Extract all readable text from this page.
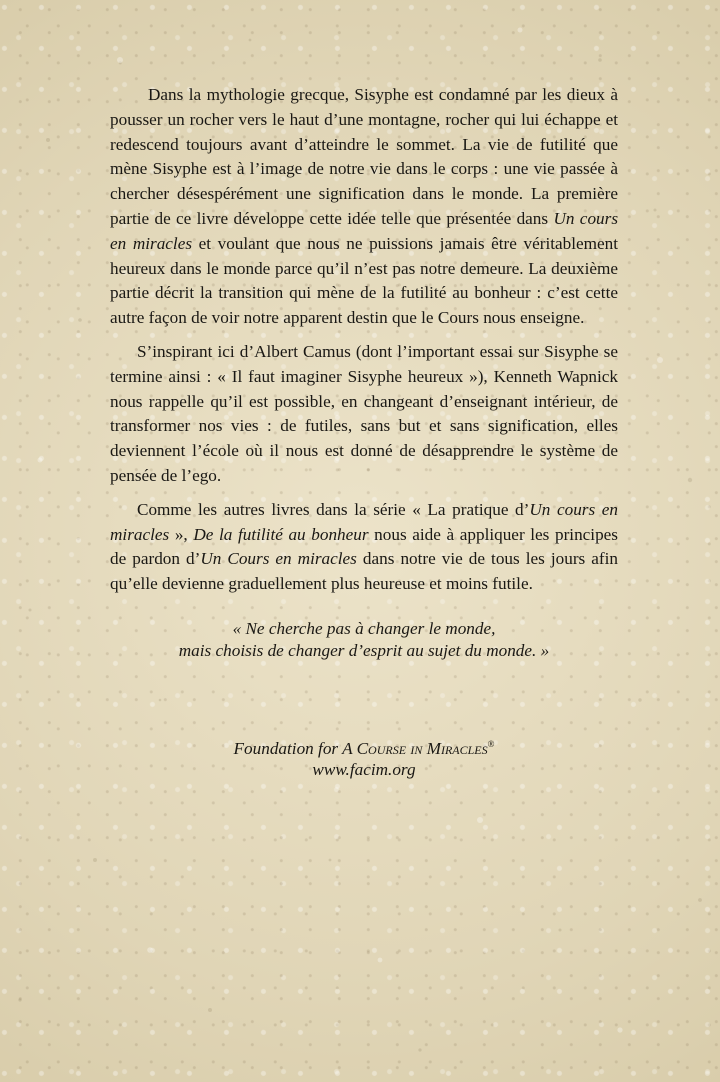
Dans la mythologie grecque, Sisyphe est condamné par les dieux à pousser un rocher vers le haut d’une montagne, rocher qui lui échappe et redescend toujours avant d’atteindre le sommet. La vie de futilité que mène Sisyphe est à l’image de notre vie dans le corps : une vie passée à chercher désespérément une signification dans le monde. La première partie de ce livre développe cette idée telle que présentée dans Un cours en miracles et voulant que nous ne puissions jamais être véritablement heureux dans le monde parce qu’il n’est pas notre demeure. La deuxième partie décrit la transition qui mène de la futilité au bonheur : c’est cette autre façon de voir notre apparent destin que le Cours nous enseigne.

S’inspirant ici d’Albert Camus (dont l’important essai sur Sisyphe se termine ainsi : « Il faut imaginer Sisyphe heureux »), Kenneth Wapnick nous rappelle qu’il est possible, en changeant d’enseignant intérieur, de transformer nos vies : de futiles, sans but et sans signification, elles deviennent l’école où il nous est donné de désapprendre le système de pensée de l’ego.

Comme les autres livres dans la série « La pratique d’Un cours en miracles », De la futilité au bonheur nous aide à appliquer les principes de pardon d’Un Cours en miracles dans notre vie de tous les jours afin qu’elle devienne graduellement plus heureuse et moins futile.

« Ne cherche pas à changer le monde,
mais choisis de changer d’esprit au sujet du monde. »
Foundation for A Course in Miracles®
www.facim.org
